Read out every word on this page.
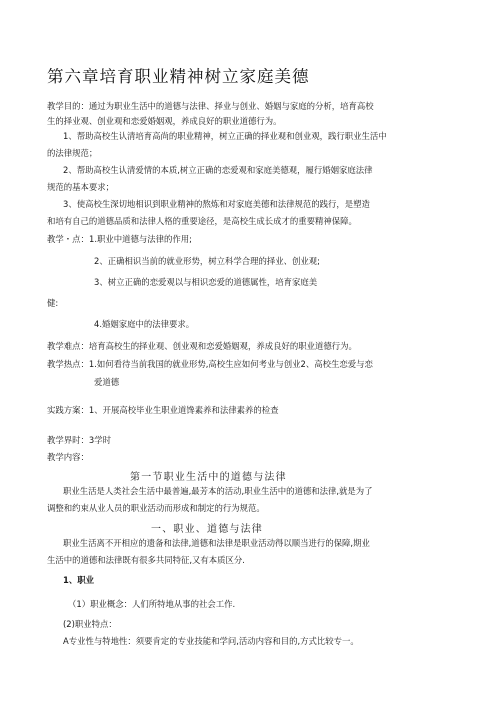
第六章培育职业精神树立家庭美德
教学目的：通过为职业生活中的道德与法律、择业与创业、婚姻与家庭的分析，培育高校
生的择业观、创业观和恋爱婚姻观，养成良好的职业道德行为。
1、帮助高校生认清培育高尚的职业精神，树立正确的择业观和创业观，践行职业生活中
的法律规范；
2、帮助高校生认清爱情的本质,树立正确的恋爱观和家庭美德观，履行婚姻家庭法律
规范的基本要求；
3、使高校生深切地相识到职业精神的熬炼和对家庭美德和法律规范的践行，是塑造
和培有自己的道德品质和法律人格的重要途径，是高校生成长成才的重要精神保障。
教学・点： 1.职业中道德与法律的作用;
2、正确相识当前的就业形势，树立科学合理的择业、创业观;
3、树立正确的恋爱观以与相识恋爱的道德属性，培育家庭美
健:
4.婚姻家庭中的法律要求。
教学难点：培育高校生的择业观、创业观和恋爱婚姻观，养成良好的职业道德行为。
教学热点：1.如何看待当前我国的就业形势,高校生应如何考业与创业2、高校生恋爱与恋
爱道德
实践方案：1、开展高校毕业生职业道馋素养和法律素养的检查
教学界时：3学时
教学内容：
第一节职业生活中的道德与法律
职业生活是人类社会生活中最普遍,最芳本的活动,职业生活中的道德和法律,就是为了
调整和约束从业人员的职业活动而形成和制定的行为规范。
一、职业、道德与法律
职业生活离不开相应的遗备和法律,道德和法律是职业活动得以顺当进行的保障,期业
生活中的道德和法律既有很多共同特征,又有本质区分.
1、职业
（1）职业概念：人们所特地从事的社会工作.
(2)职业特点：
A专业性与特地性：须要肯定的专业技能和学问,活动内容和目的,方式比较专一。
